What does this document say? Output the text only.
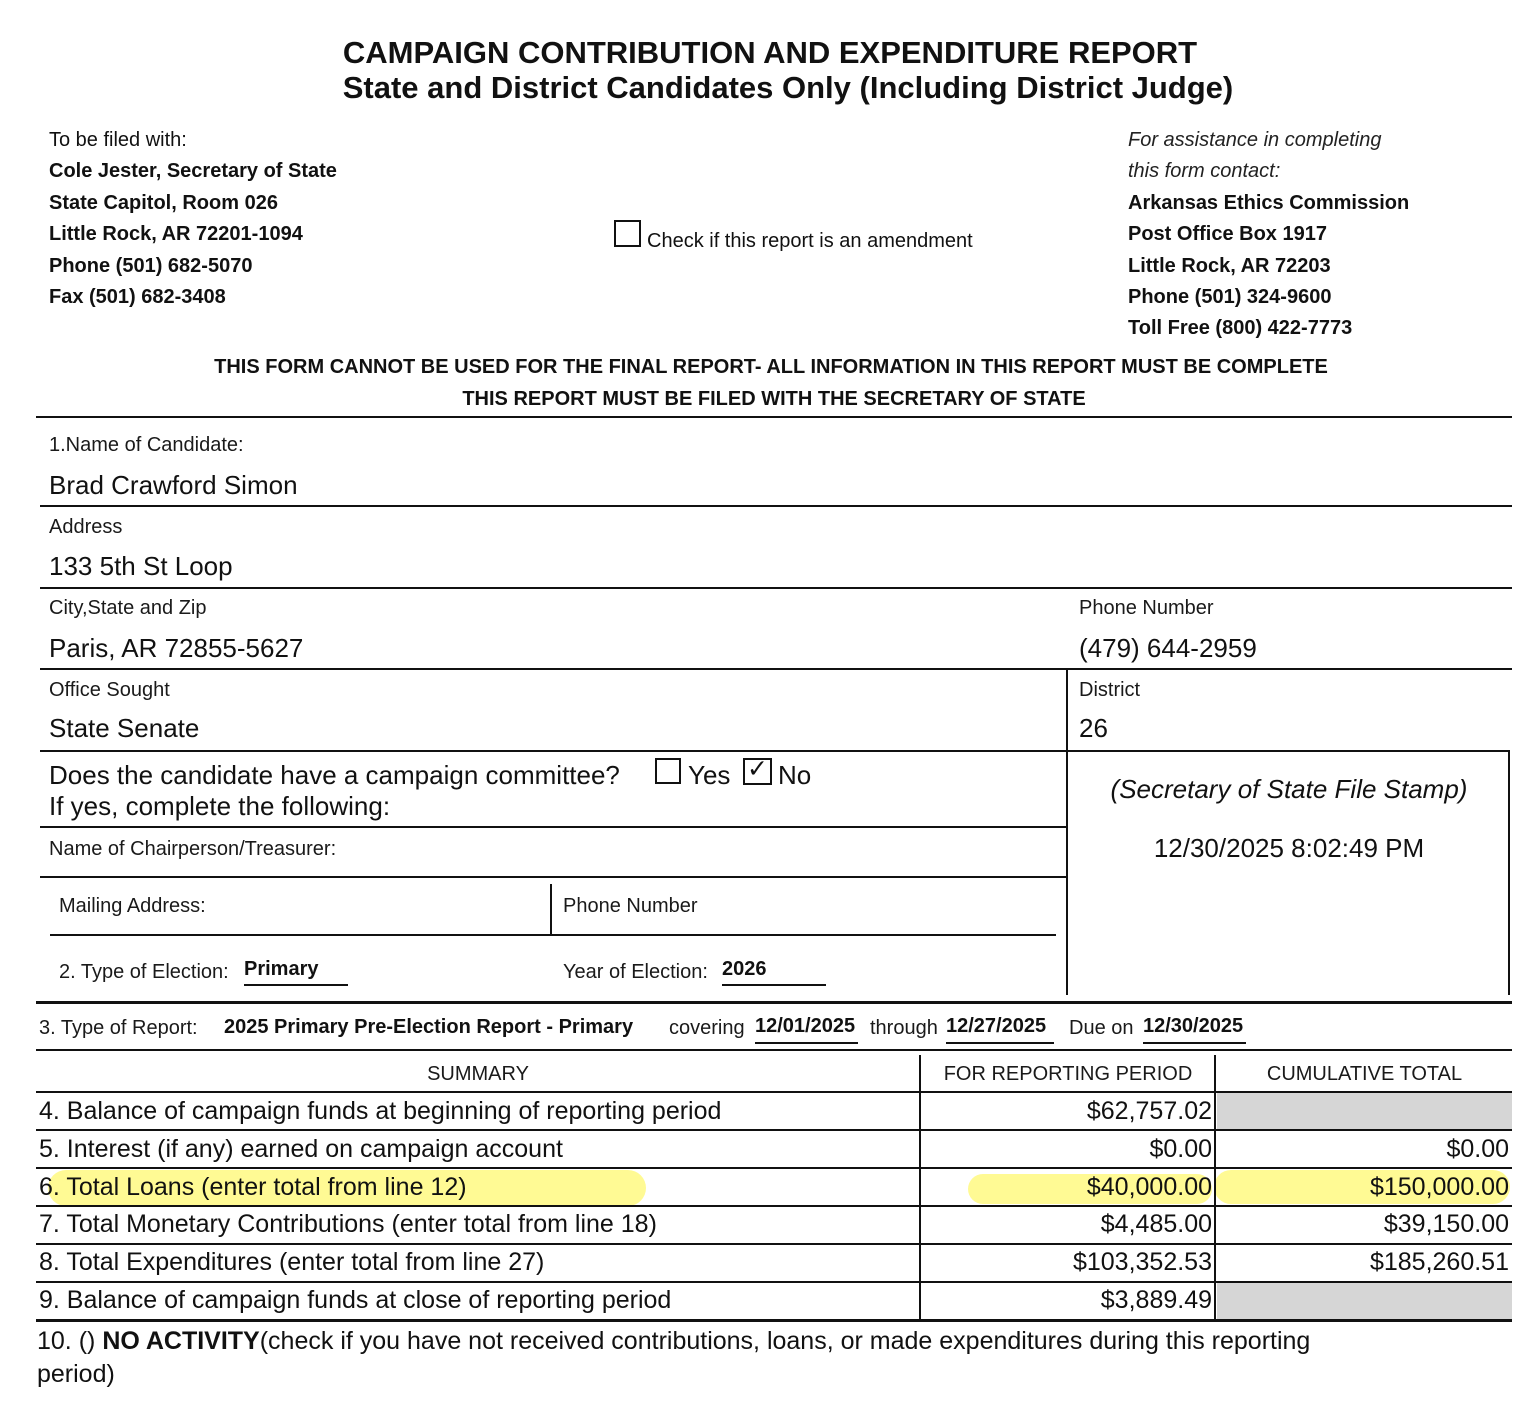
CAMPAIGN CONTRIBUTION AND EXPENDITURE REPORT
State and District Candidates Only (Including District Judge)
To be filed with:
Cole Jester, Secretary of State
State Capitol, Room 026
Little Rock, AR 72201-1094
Phone (501) 682-5070
Fax (501) 682-3408
Check if this report is an amendment
For assistance in completing
this form contact:
Arkansas Ethics Commission
Post Office Box 1917
Little Rock, AR 72203
Phone (501) 324-9600
Toll Free (800) 422-7773
THIS FORM CANNOT BE USED FOR THE FINAL REPORT- ALL INFORMATION IN THIS REPORT MUST BE COMPLETE
THIS REPORT MUST BE FILED WITH THE SECRETARY OF STATE
1.Name of Candidate:
Brad Crawford Simon
Address
133 5th St Loop
City,State and Zip
Paris, AR 72855-5627
Phone Number
(479) 644-2959
Office Sought
State Senate
District
26
(Secretary of State File Stamp)
12/30/2025 8:02:49 PM
Does the candidate have a campaign committee?	Yes ✓ No
If yes, complete the following:
Name of Chairperson/Treasurer:
Mailing Address:	Phone Number
2. Type of Election: Primary	Year of Election: 2026
3. Type of Report: 2025 Primary Pre-Election Report - Primary covering 12/01/2025 through 12/27/2025	Due on 12/30/2025
SUMMARY	FOR REPORTING PERIOD	CUMULATIVE TOTAL
4. Balance of campaign funds at beginning of reporting period	$62,757.02
5. Interest (if any) earned on campaign account	$0.00	$0.00
6. Total Loans (enter total from line 12)	$40,000.00	$150,000.00
7. Total Monetary Contributions (enter total from line 18)	$4,485.00	$39,150.00
8. Total Expenditures (enter total from line 27)	$103,352.53	$185,260.51
9. Balance of campaign funds at close of reporting period	$3,889.49
10. () NO ACTIVITY(check if you have not received contributions, loans, or made expenditures during this reporting
period)
